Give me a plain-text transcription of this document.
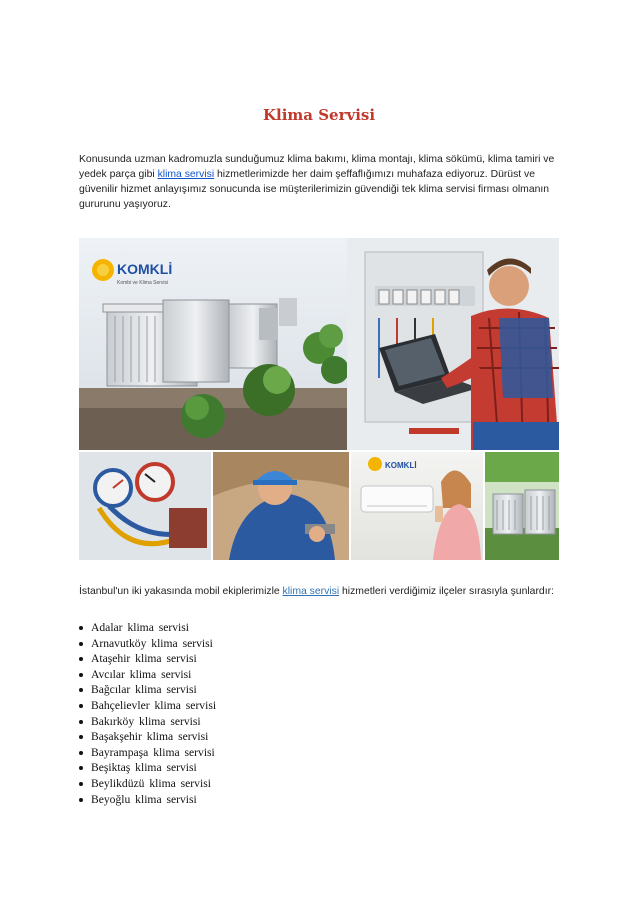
Klima Servisi

Konusunda uzman kadromuzla sunduğumuz klima bakımı, klima montajı, klima sökümü, klima tamiri ve yedek parça gibi klima servisi hizmetlerimizde her daim şeffaflığımızı muhafaza ediyoruz. Dürüst ve güvenilir hizmet anlayışımız sonucunda ise müşterilerimizin güvendiği tek klima servisi firması olmanın gururunu yaşıyoruz.

KOMKLİ
Kombi ve Klima Servisi
KOMKLİ

İstanbul'un iki yakasında mobil ekiplerimizle klima servisi hizmetleri verdiğimiz ilçeler sırasıyla şunlardır:

Adalar klima servisi
Arnavutköy klima servisi
Ataşehir klima servisi
Avcılar klima servisi
Bağcılar klima servisi
Bahçelievler klima servisi
Bakırköy klima servisi
Başakşehir klima servisi
Bayrampaşa klima servisi
Beşiktaş klima servisi
Beylikdüzü klima servisi
Beyoğlu klima servisi
